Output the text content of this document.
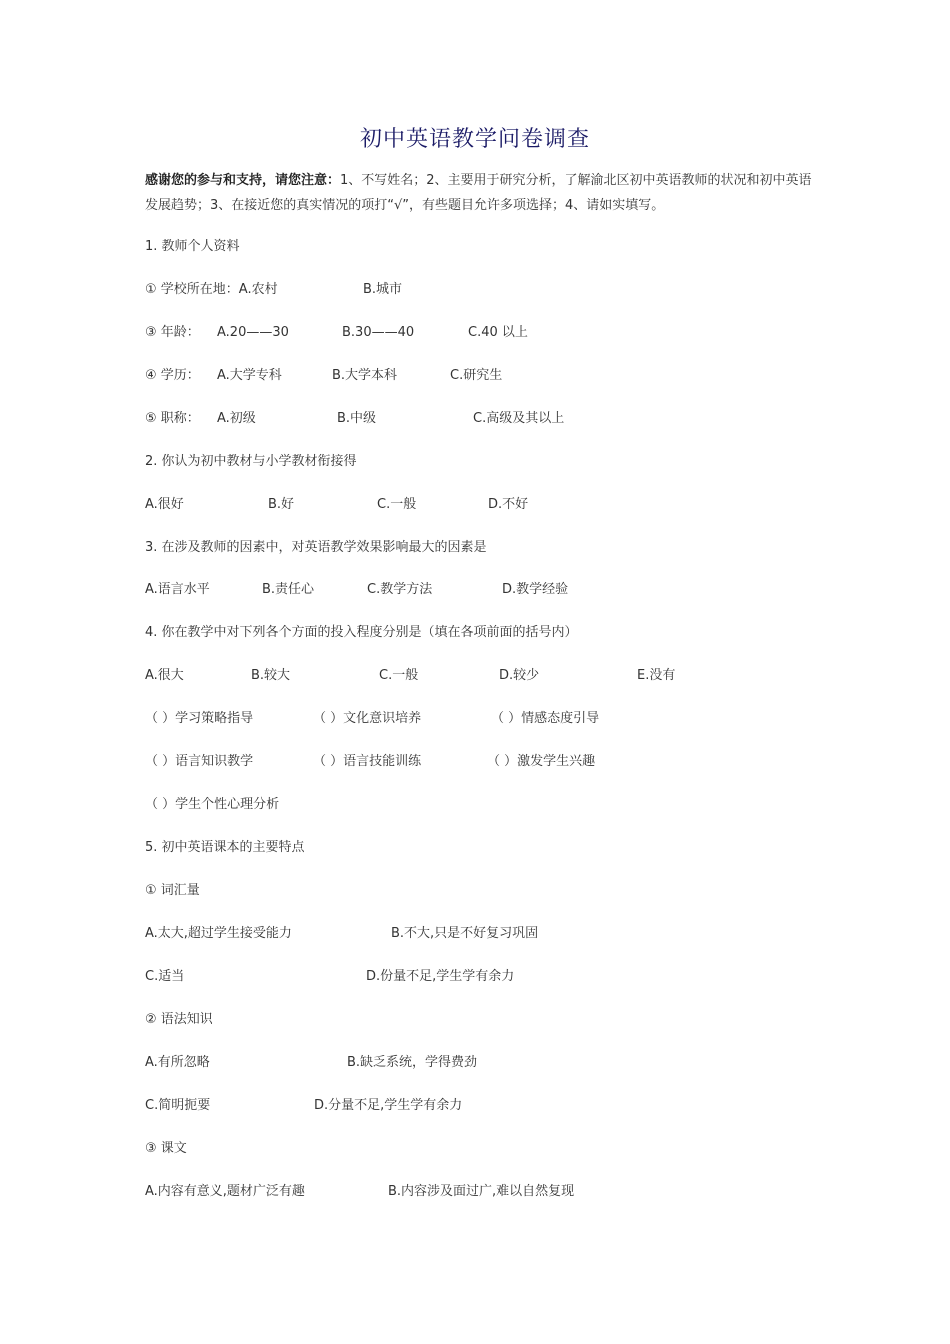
初中英语教学问卷调查
感谢您的参与和支持，请您注意：1、不写姓名；2、主要用于研究分析，了解渝北区初中英语教师的状况和初中英语发展趋势；3、在接近您的真实情况的项打“√”，有些题目允许多项选择；4、请如实填写。
1. 教师个人资料
① 学校所在地：A.农村	B.城市
③ 年龄： A.20——30	B.30——40	C.40 以上
④ 学历： A.大学专科	B.大学本科	C.研究生
⑤ 职称： A.初级	B.中级	C.高级及其以上
2. 你认为初中教材与小学教材衔接得
A.很好	B.好	C.一般	D.不好
3. 在涉及教师的因素中，对英语教学效果影响最大的因素是
A.语言水平	B.责任心	C.教学方法	D.教学经验
4. 你在教学中对下列各个方面的投入程度分别是（填在各项前面的括号内）
A.很大	B.较大	C.一般	D.较少	E.没有
（ ）学习策略指导	（ ）文化意识培养	（ ）情感态度引导
（ ）语言知识教学	（ ）语言技能训练	（ ）激发学生兴趣
（ ）学生个性心理分析
5. 初中英语课本的主要特点
① 词汇量
A.太大,超过学生接受能力	B.不大,只是不好复习巩固
C.适当	D.份量不足,学生学有余力
② 语法知识
A.有所忽略	B.缺乏系统，学得费劲
C.简明扼要	D.分量不足,学生学有余力
③ 课文
A.内容有意义,题材广泛有趣	B.内容涉及面过广,难以自然复现
